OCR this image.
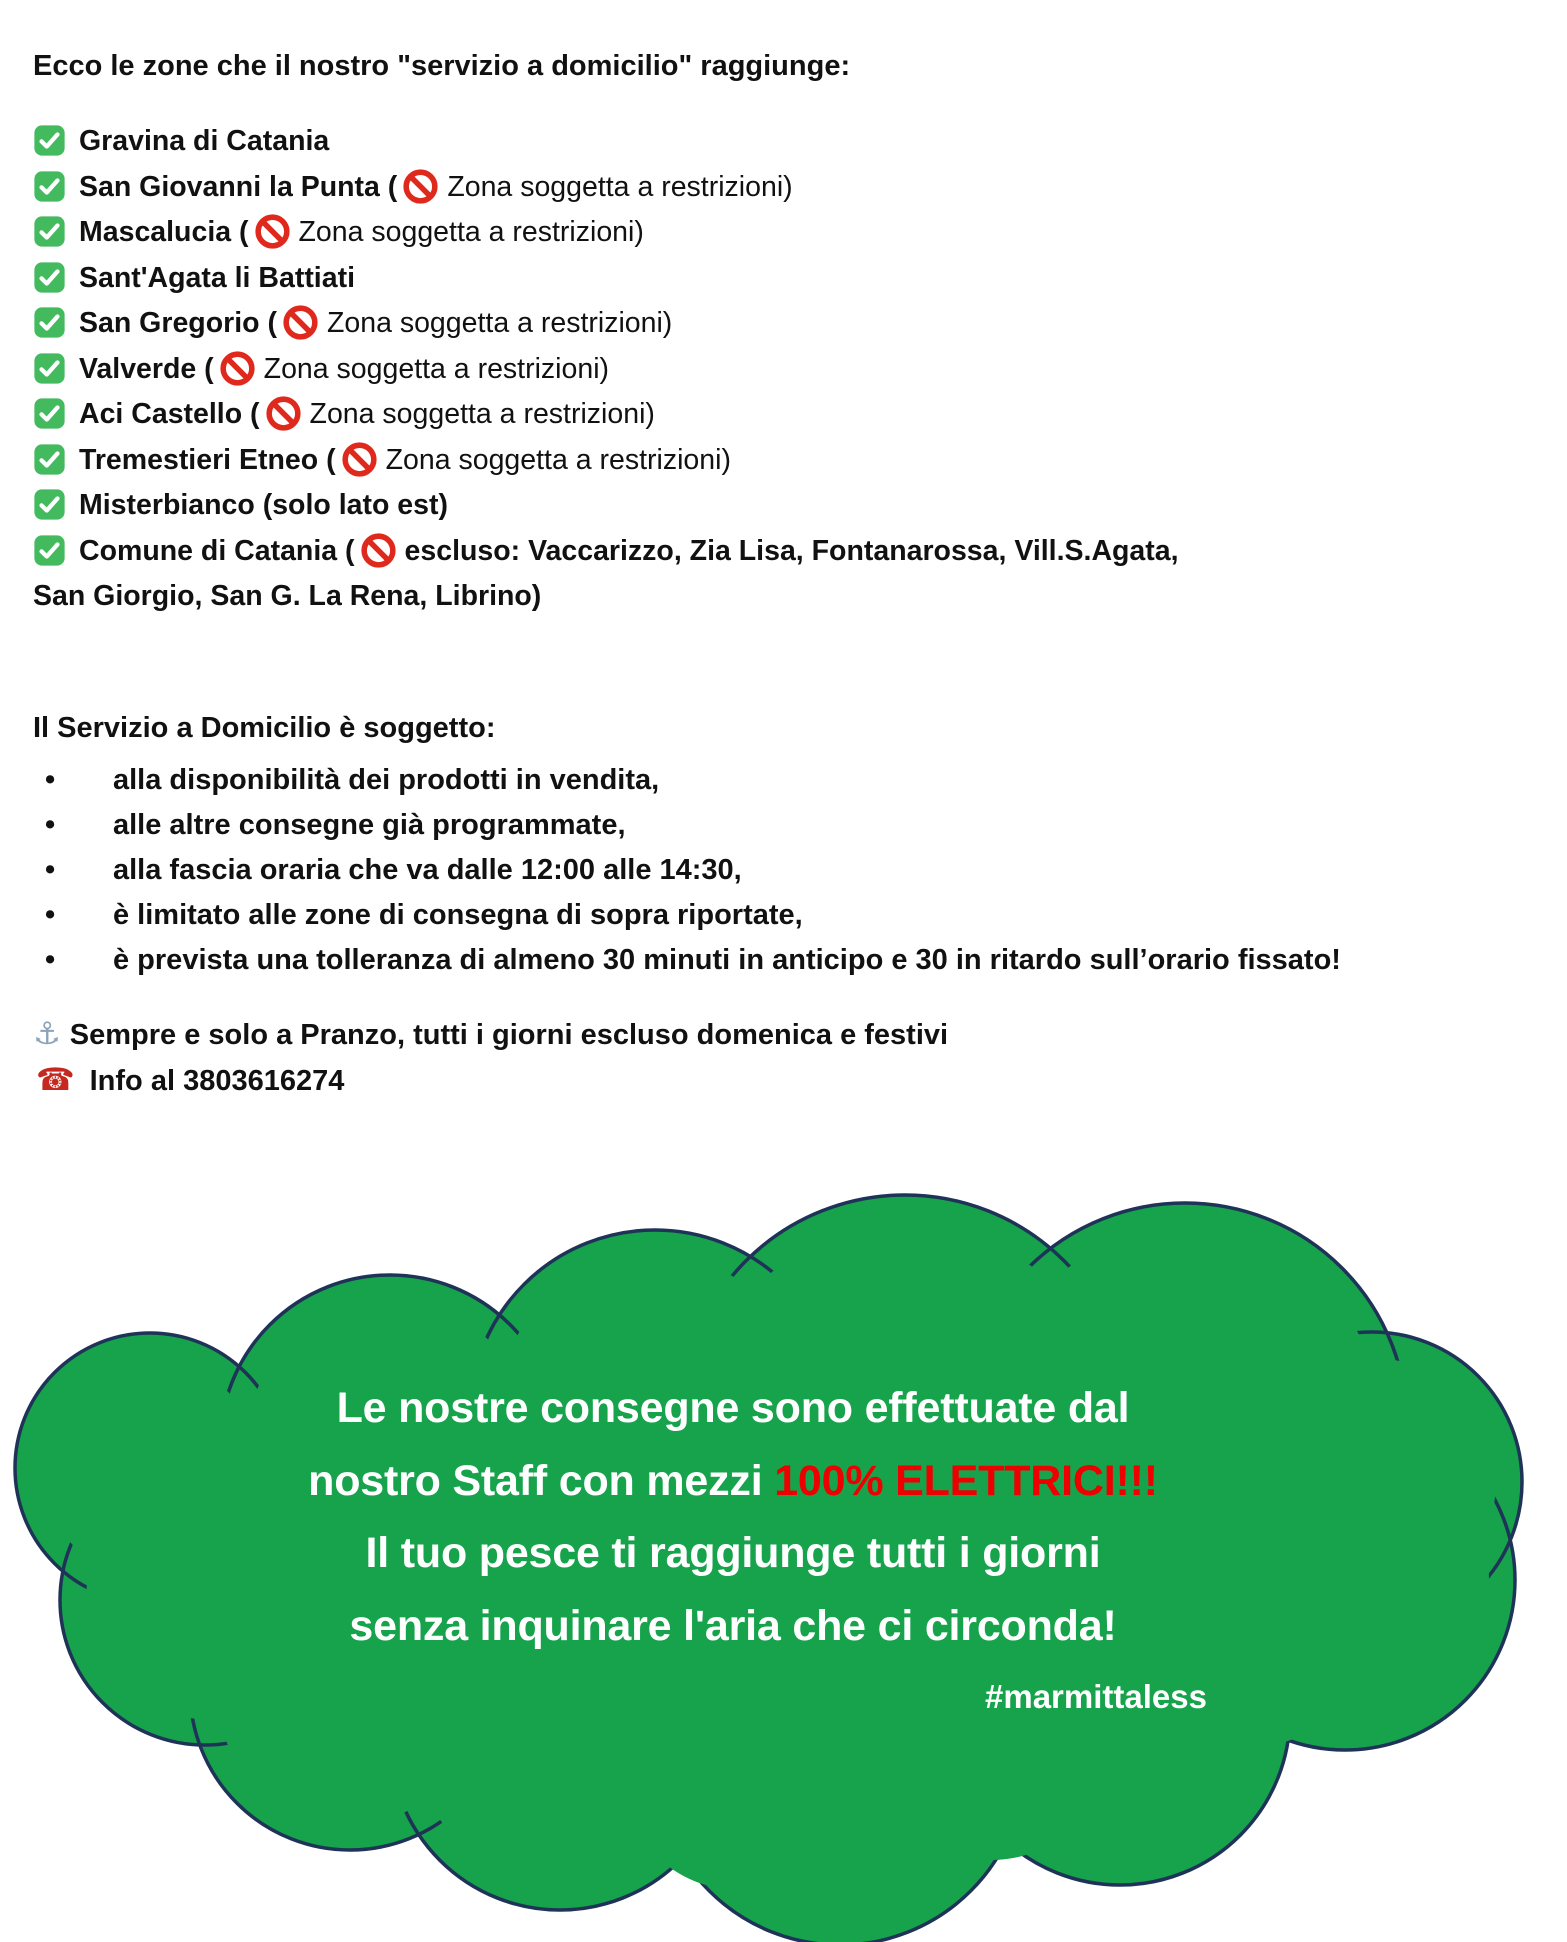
Ecco le zone che il nostro "servizio a domicilio" raggiunge:
Gravina di Catania
San Giovanni la Punta ( Zona soggetta a restrizioni)
Mascalucia ( Zona soggetta a restrizioni)
Sant'Agata li Battiati
San Gregorio ( Zona soggetta a restrizioni)
Valverde ( Zona soggetta a restrizioni)
Aci Castello ( Zona soggetta a restrizioni)
Tremestieri Etneo ( Zona soggetta a restrizioni)
Misterbianco (solo lato est)
Comune di Catania ( escluso: Vaccarizzo, Zia Lisa, Fontanarossa, Vill.S.Agata, San Giorgio, San G. La Rena, Librino)
Il Servizio a Domicilio è soggetto:
• alla disponibilità dei prodotti in vendita,
• alle altre consegne già programmate,
• alla fascia oraria che va dalle 12:00 alle 14:30,
• è limitato alle zone di consegna di sopra riportate,
• è prevista una tolleranza di almeno 30 minuti in anticipo e 30 in ritardo sull’orario fissato!
⚓ Sempre e solo a Pranzo, tutti i giorni escluso domenica e festivi
☎ Info al 3803616274
Le nostre consegne sono effettuate dal
nostro Staff con mezzi 100% ELETTRICI!!!
Il tuo pesce ti raggiunge tutti i giorni
senza inquinare l'aria che ci circonda!
#marmittaless
